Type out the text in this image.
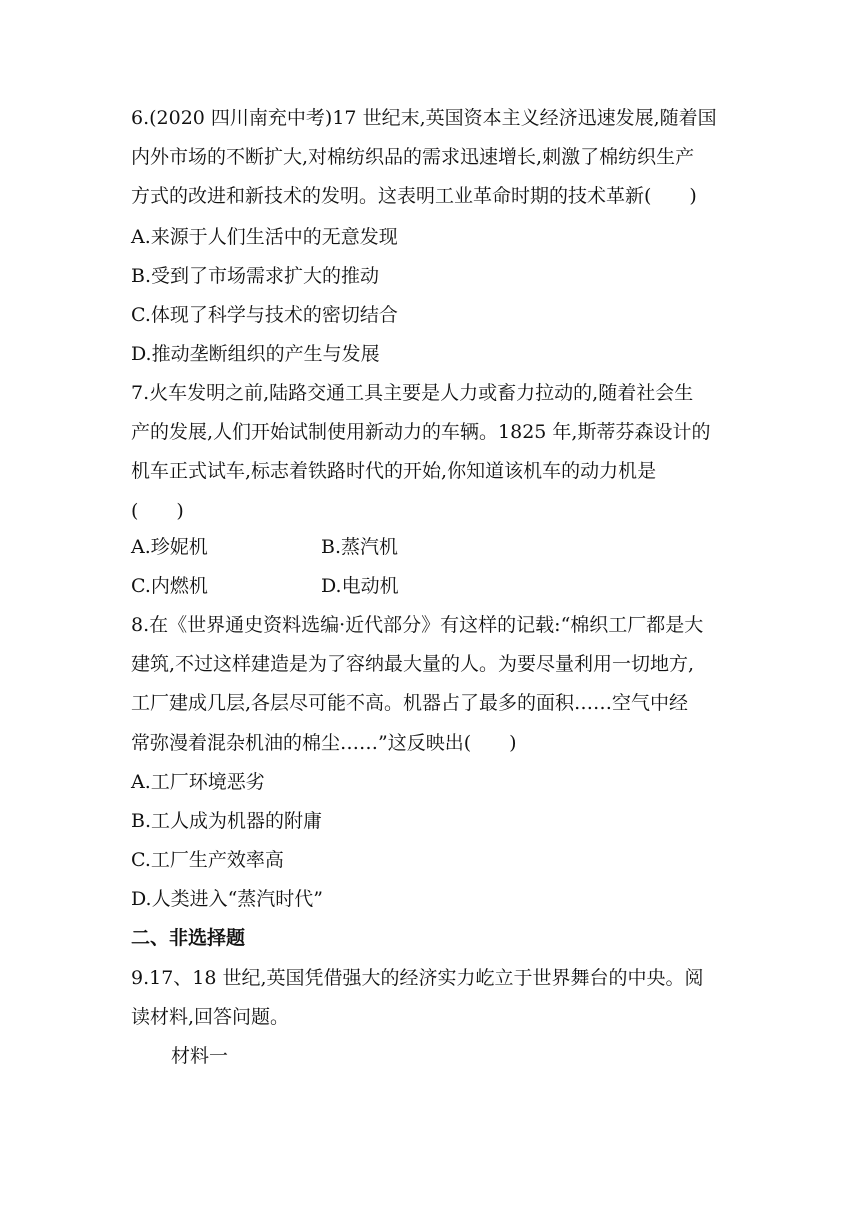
6.(2020 四川南充中考)17 世纪末,英国资本主义经济迅速发展,随着国
内外市场的不断扩大,对棉纺织品的需求迅速增长,刺激了棉纺织生产
方式的改进和新技术的发明。这表明工业革命时期的技术革新(　　)
A.来源于人们生活中的无意发现
B.受到了市场需求扩大的推动
C.体现了科学与技术的密切结合
D.推动垄断组织的产生与发展
7.火车发明之前,陆路交通工具主要是人力或畜力拉动的,随着社会生
产的发展,人们开始试制使用新动力的车辆。1825 年,斯蒂芬森设计的
机车正式试车,标志着铁路时代的开始,你知道该机车的动力机是
(　　)
A.珍妮机	B.蒸汽机
C.内燃机	D.电动机
8.在《世界通史资料选编·近代部分》有这样的记载:“棉织工厂都是大
建筑,不过这样建造是为了容纳最大量的人。为要尽量利用一切地方,
工厂建成几层,各层尽可能不高。机器占了最多的面积……空气中经
常弥漫着混杂机油的棉尘……”这反映出(　　)
A.工厂环境恶劣
B.工人成为机器的附庸
C.工厂生产效率高
D.人类进入“蒸汽时代”
二、非选择题
9.17、18 世纪,英国凭借强大的经济实力屹立于世界舞台的中央。阅
读材料,回答问题。
材料一
